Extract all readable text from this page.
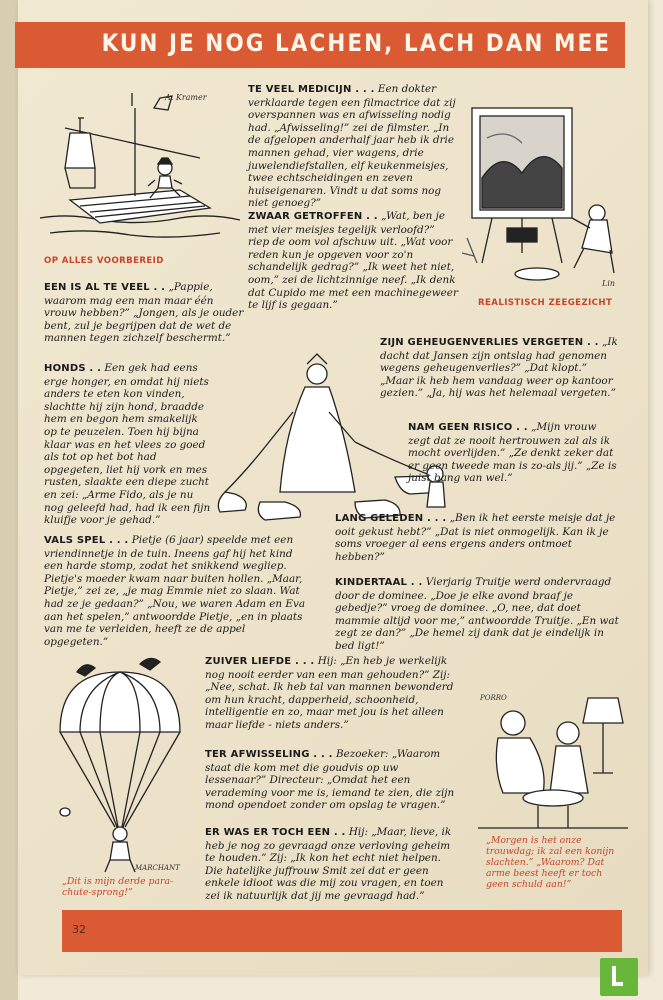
KUN JE NOG LACHEN, LACH DAN MEE
A. Kramer

OP ALLES VOORBEREID

Lin

REALISTISCH ZEEGEZICHT

MARCHANT

„Dit is mijn derde para-chute-sprong!”

PORRO

„Morgen is het onze trouwdag; ik zal een konijn slachten.” „Waarom? Dat arme beest heeft er toch geen schuld aan!”

TE VEEL MEDICIJN . . . Een dokter verklaarde tegen een filmactrice dat zij overspannen was en afwisseling nodig had. „Afwisseling!” zei de filmster. „In de afgelopen anderhalf jaar heb ik drie mannen gehad, vier wagens, drie juwelendiefstallen, elf keukenmeisjes, twee echtscheidingen en zeven huiseigenaren. Vindt u dat soms nog niet genoeg?”

ZWAAR GETROFFEN . . „Wat, ben je met vier meisjes tegelijk verloofd?” riep de oom vol afschuw uit. „Wat voor reden kun je opgeven voor zo'n schandelijk gedrag?” „Ik weet het niet, oom,” zei de lichtzinnige neef. „Ik denk dat Cupido me met een machinegeweer te lijf is gegaan.”

EEN IS AL TE VEEL . . „Pappie, waarom mag een man maar één vrouw hebben?” „Jongen, als je ouder bent, zul je begrijpen dat de wet de mannen tegen zichzelf beschermt.”

HONDS . . Een gek had eens erge honger, en omdat hij niets anders te eten kon vinden, slachtte hij zijn hond, braadde hem en begon hem smakelijk op te peuzelen. Toen hij bijna klaar was en het vlees zo goed als tot op het bot had opgegeten, liet hij vork en mes rusten, slaakte een diepe zucht en zei: „Arme Fido, als je nu nog geleefd had, had ik een fijn kluifje voor je gehad.”

VALS SPEL . . . Pietje (6 jaar) speelde met een vriendinnetje in de tuin. Ineens gaf hij het kind een harde stomp, zodat het snikkend wegliep. Pietje's moeder kwam naar buiten hollen. „Maar, Pietje,” zei ze, „je mag Emmie niet zo slaan. Wat had ze je gedaan?” „Nou, we waren Adam en Eva aan het spelen,” antwoordde Pietje, „en in plaats van me te verleiden, heeft ze de appel opgegeten.”

ZIJN GEHEUGENVERLIES VERGETEN . . „Ik dacht dat Jansen zijn ontslag had genomen wegens geheugenverlies?” „Dat klopt.” „Maar ik heb hem vandaag weer op kantoor gezien.” „Ja, hij was het helemaal vergeten.”

NAM GEEN RISICO . . „Mijn vrouw zegt dat ze nooit hertrouwen zal als ik mocht overlijden.” „Ze denkt zeker dat er geen tweede man is zo-als jij.” „Ze is juist bang van wel.”

LANG GELEDEN . . . „Ben ik het eerste meisje dat je ooit gekust hebt?” „Dat is niet onmogelijk. Kan ik je soms vroeger al eens ergens anders ontmoet hebben?”

KINDERTAAL . . Vierjarig Truitje werd ondervraagd door de dominee. „Doe je elke avond braaf je gebedje?” vroeg de dominee. „O, nee, dat doet mammie altijd voor me,” antwoordde Truitje. „En wat zegt ze dan?” „De hemel zij dank dat je eindelijk in bed ligt!”

ZUIVER LIEFDE . . . Hij: „En heb je werkelijk nog nooit eerder van een man gehouden?” Zij: „Nee, schat. Ik heb tal van mannen bewonderd om hun kracht, dapperheid, schoonheid, intelligentie en zo, maar met jou is het alleen maar liefde - niets anders.”

TER AFWISSELING . . . Bezoeker: „Waarom staat die kom met die goudvis op uw lessenaar?” Directeur: „Omdat het een verademing voor me is, iemand te zien, die zijn mond opendoet zonder om opslag te vragen.”

ER WAS ER TOCH EEN . . Hij: „Maar, lieve, ik heb je nog zo gevraagd onze verloving geheim te houden.” Zij: „Ik kon het echt niet helpen. Die hatelijke juffrouw Smit zei dat er geen enkele idioot was die mij zou vragen, en toen zei ik natuurlijk dat jij me gevraagd had.”

32
